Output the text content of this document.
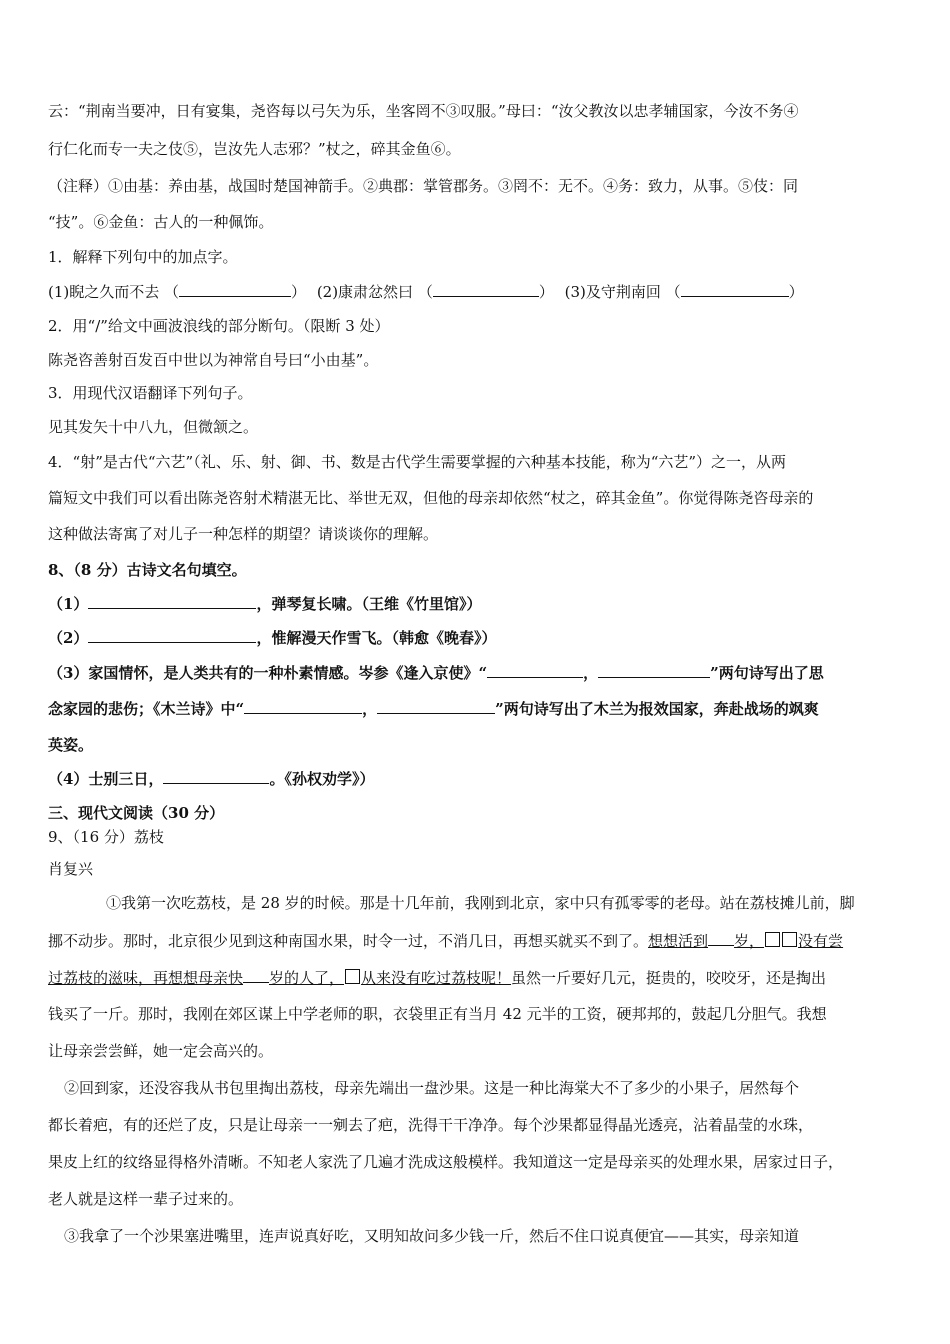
云：“荆南当要冲，日有宴集，尧咨每以弓矢为乐，坐客罔不③叹服。”母曰：“汝父教汝以忠孝辅国家，今汝不务④
行仁化而专一夫之伎⑤，岂汝先人志邪？”杖之，碎其金鱼⑥。
（注释）①由基：养由基，战国时楚国神箭手。②典郡：掌管郡务。③罔不：无不。④务：致力，从事。⑤伎：同
“技”。⑥金鱼：古人的一种佩饰。
1．解释下列句中的加点字。
(1)睨之久而不去 （	） (2)康肃忿然曰 （	） (3)及守荆南回 （	）
2．用“/”给文中画波浪线的部分断句。（限断 3 处）
陈尧咨善射百发百中世以为神常自号曰“小由基”。
3．用现代汉语翻译下列句子。
见其发矢十中八九，但微颔之。
4．“射”是古代“六艺”（礼、乐、射、御、书、数是古代学生需要掌握的六种基本技能，称为“六艺”）之一，从两
篇短文中我们可以看出陈尧咨射术精湛无比、举世无双，但他的母亲却依然“杖之，碎其金鱼”。你觉得陈尧咨母亲的
这种做法寄寓了对儿子一种怎样的期望？请谈谈你的理解。
8、（8 分）古诗文名句填空。
（1）	，弹琴复长啸。（王维《竹里馆》）
（2）	，惟解漫天作雪飞。（韩愈《晚春》）
（3）家国情怀，是人类共有的一种朴素情感。岑参《逢入京使》“	，	”两句诗写出了思
念家园的悲伤；《木兰诗》中“	，	”两句诗写出了木兰为报效国家，奔赴战场的飒爽
英姿。
（4）士别三日，	。《孙权劝学》）
三、现代文阅读（30 分）
9、（16 分）荔枝
肖复兴
①我第一次吃荔枝，是 28 岁的时候。那是十几年前，我刚到北京，家中只有孤零零的老母。站在荔枝摊儿前，脚
挪不动步。那时，北京很少见到这种南国水果，时令一过，不消几日，再想买就买不到了。想想活到 岁， 没有尝
过荔枝的滋味，再想想母亲快 岁的人了， 从来没有吃过荔枝呢！虽然一斤要好几元，挺贵的，咬咬牙，还是掏出
钱买了一斤。那时，我刚在郊区谋上中学老师的职，衣袋里正有当月 42 元半的工资，硬邦邦的，鼓起几分胆气。我想
让母亲尝尝鲜，她一定会高兴的。
②回到家，还没容我从书包里掏出荔枝，母亲先端出一盘沙果。这是一种比海棠大不了多少的小果子，居然每个
都长着疤，有的还烂了皮，只是让母亲一一剜去了疤，洗得干干净净。每个沙果都显得晶光透亮，沾着晶莹的水珠，
果皮上红的纹络显得格外清晰。不知老人家洗了几遍才洗成这般模样。我知道这一定是母亲买的处理水果，居家过日子，
老人就是这样一辈子过来的。
③我拿了一个沙果塞进嘴里，连声说真好吃，又明知故问多少钱一斤，然后不住口说真便宜——其实，母亲知道
